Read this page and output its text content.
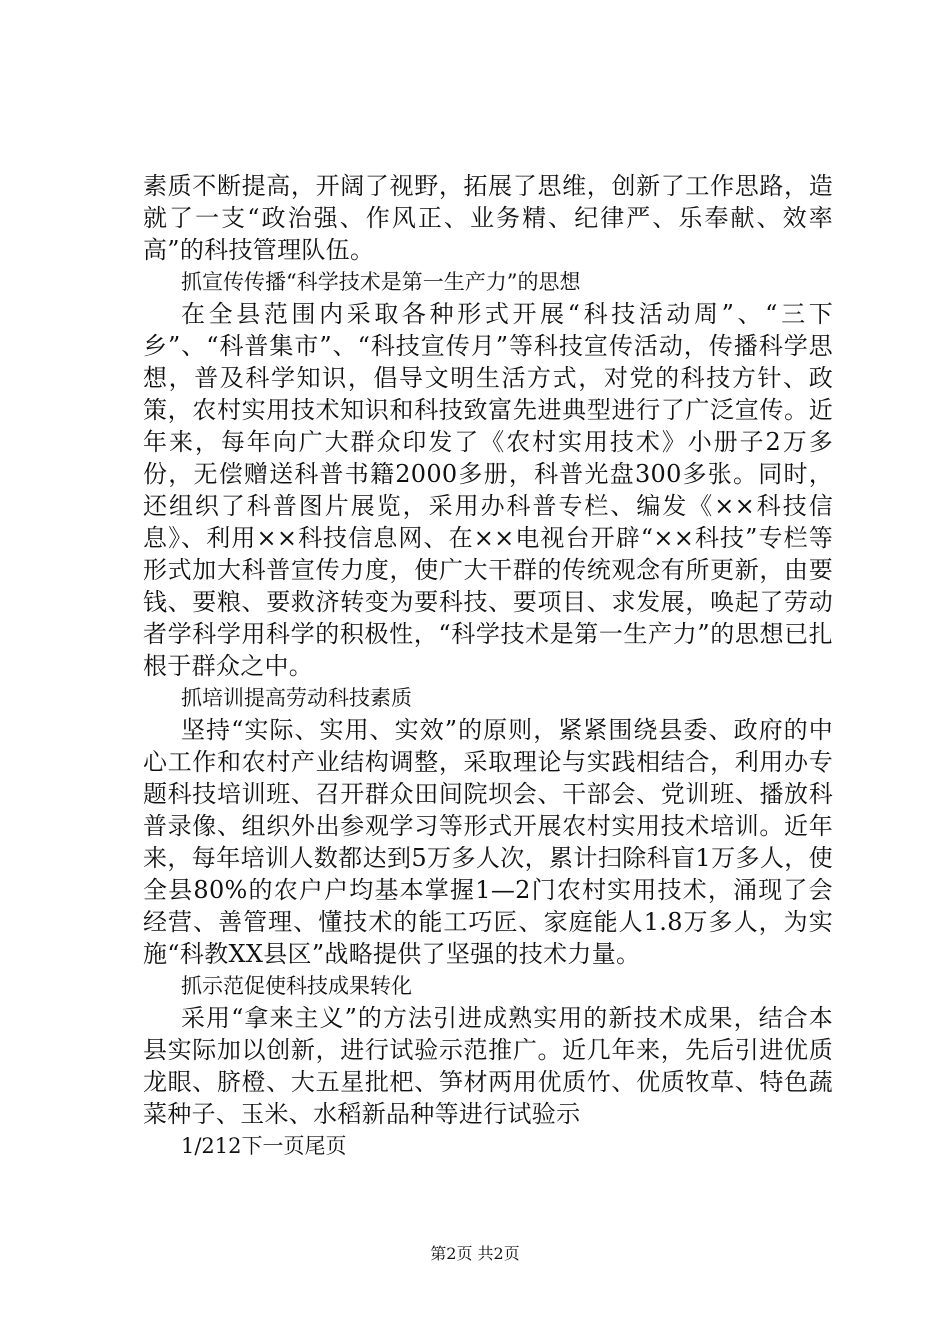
素质不断提高，开阔了视野，拓展了思维，创新了工作思路，造就了一支“政治强、作风正、业务精、纪律严、乐奉献、效率高”的科技管理队伍。

抓宣传传播“科学技术是第一生产力”的思想

在全县范围内采取各种形式开展“科技活动周”、“三下乡”、“科普集市”、“科技宣传月”等科技宣传活动，传播科学思想，普及科学知识，倡导文明生活方式，对党的科技方针、政策，农村实用技术知识和科技致富先进典型进行了广泛宣传。近年来，每年向广大群众印发了《农村实用技术》小册子2万多份，无偿赠送科普书籍2000多册，科普光盘300多张。同时，还组织了科普图片展览，采用办科普专栏、编发《××科技信息》、利用××科技信息网、在××电视台开辟“××科技”专栏等形式加大科普宣传力度，使广大干群的传统观念有所更新，由要钱、要粮、要救济转变为要科技、要项目、求发展，唤起了劳动者学科学用科学的积极性，“科学技术是第一生产力”的思想已扎根于群众之中。

抓培训提高劳动科技素质

坚持“实际、实用、实效”的原则，紧紧围绕县委、政府的中心工作和农村产业结构调整，采取理论与实践相结合，利用办专题科技培训班、召开群众田间院坝会、干部会、党训班、播放科普录像、组织外出参观学习等形式开展农村实用技术培训。近年来，每年培训人数都达到5万多人次，累计扫除科盲1万多人，使全县80%的农户户均基本掌握1—2门农村实用技术，涌现了会经营、善管理、懂技术的能工巧匠、家庭能人1.8万多人，为实施“科教XX县区”战略提供了坚强的技术力量。

抓示范促使科技成果转化

采用“拿来主义”的方法引进成熟实用的新技术成果，结合本县实际加以创新，进行试验示范推广。近几年来，先后引进优质龙眼、脐橙、大五星批杷、笋材两用优质竹、优质牧草、特色蔬菜种子、玉米、水稻新品种等进行试验示

1/212下一页尾页

第2页 共2页
